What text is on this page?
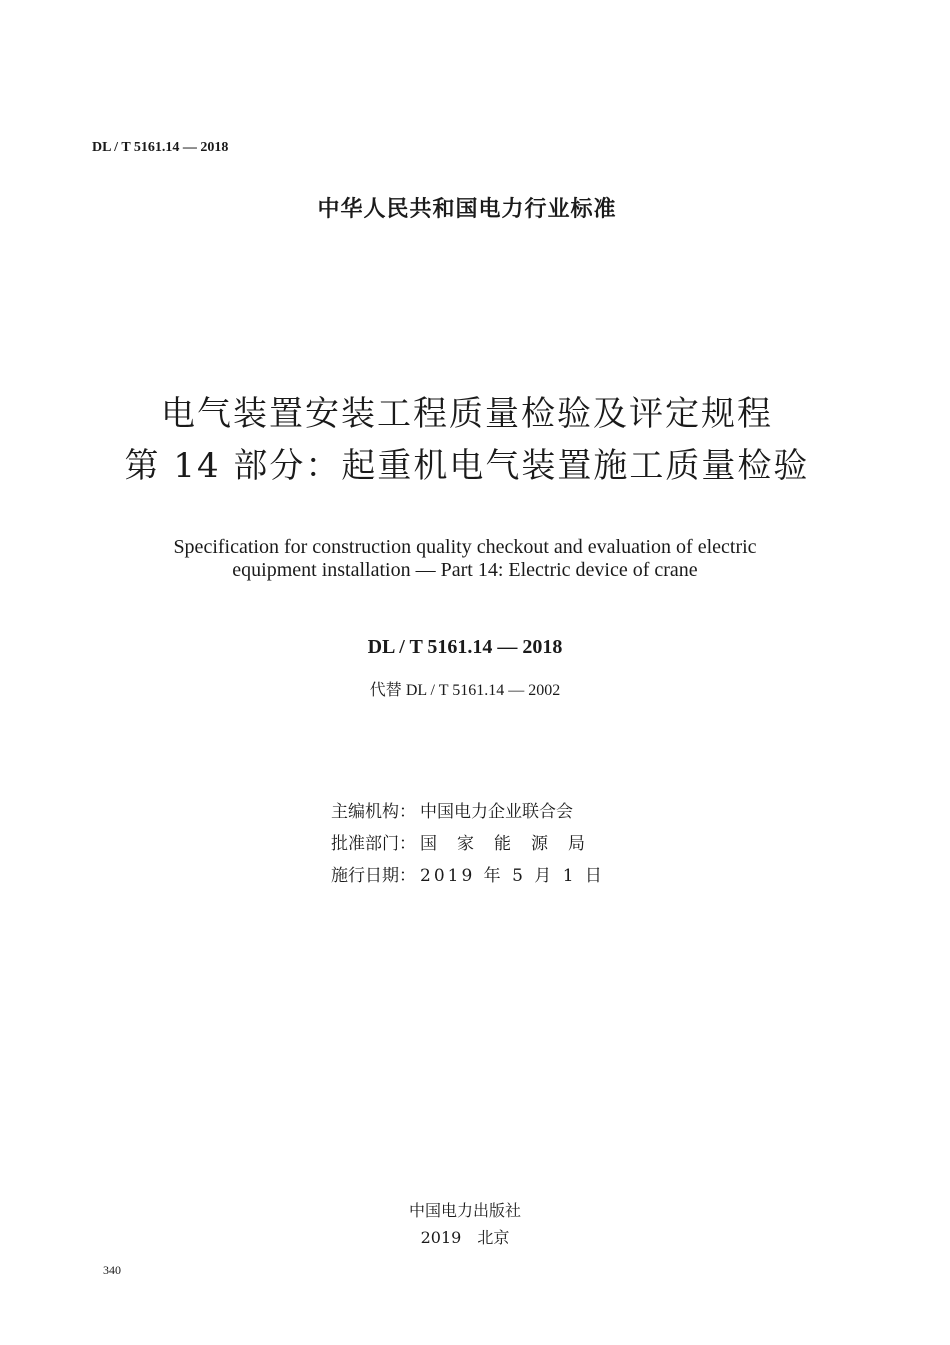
DL / T 5161.14 — 2018
中华人民共和国电力行业标准
电气装置安装工程质量检验及评定规程
第 14 部分：起重机电气装置施工质量检验
Specification for construction quality checkout and evaluation of electric
equipment installation — Part 14: Electric device of crane
DL / T 5161.14 — 2018
代替 DL / T 5161.14 — 2002
主编机构： 中国电力企业联合会
批准部门： 国家能源局
施行日期： 2019 年 5 月 1 日
中国电力出版社
2019 北京
340
